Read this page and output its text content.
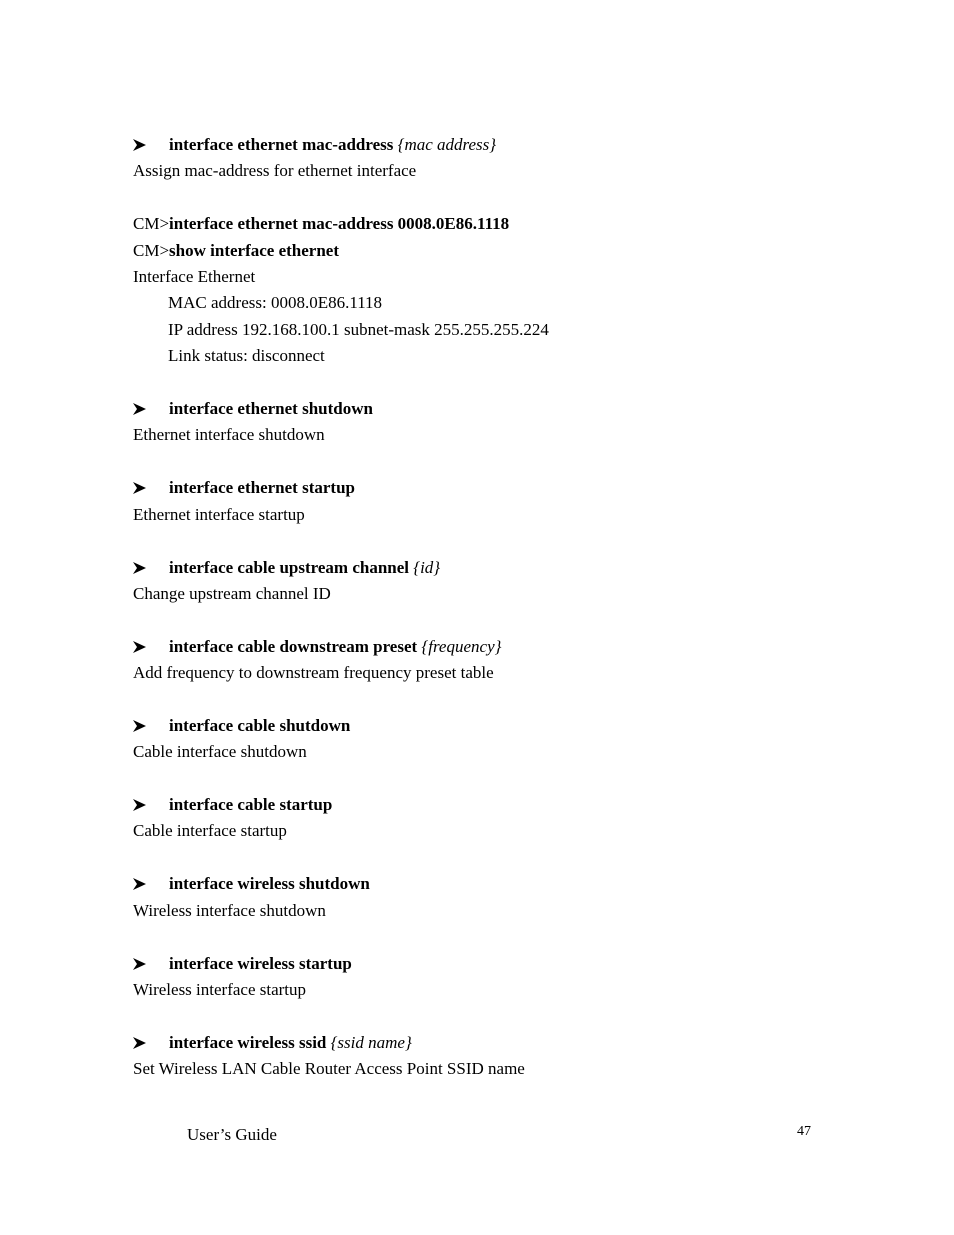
interface ethernet mac-address {mac address}
Assign mac-address for ethernet interface
CM>interface ethernet mac-address 0008.0E86.1118
CM>show interface ethernet
Interface Ethernet
MAC address: 0008.0E86.1118
IP address 192.168.100.1 subnet-mask 255.255.255.224
Link status: disconnect
interface ethernet shutdown
Ethernet interface shutdown
interface ethernet startup
Ethernet interface startup
interface cable upstream channel {id}
Change upstream channel ID
interface cable downstream preset {frequency}
Add frequency to downstream frequency preset table
interface cable shutdown
Cable interface shutdown
interface cable startup
Cable interface startup
interface wireless shutdown
Wireless interface shutdown
interface wireless startup
Wireless interface startup
interface wireless ssid {ssid name}
Set Wireless LAN Cable Router Access Point SSID name
User’s Guide	47
